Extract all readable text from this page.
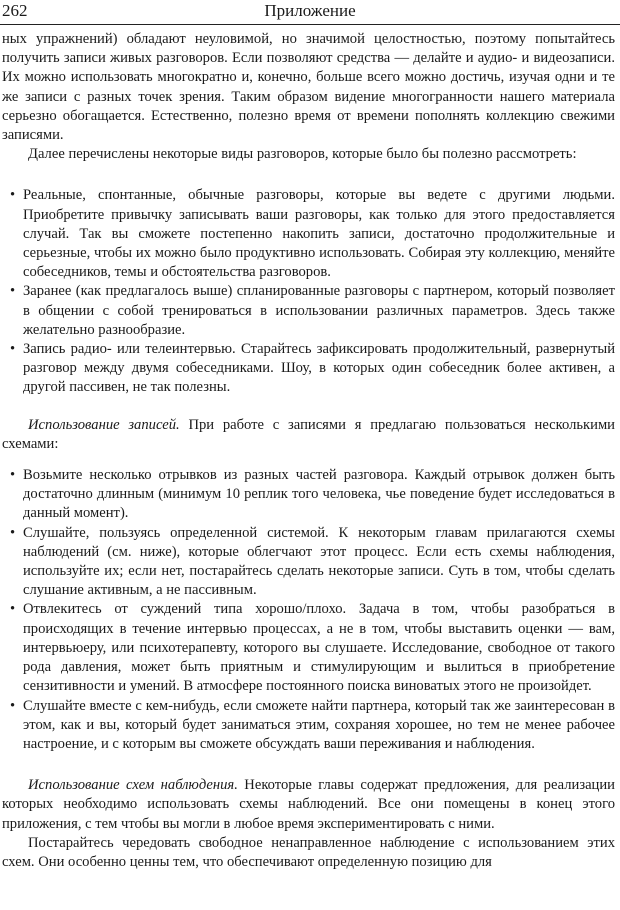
262	Приложение

ных упражнений) обладают неуловимой, но значимой целостностью, поэтому попытайтесь получить записи живых разговоров. Если позволяют средства — делайте и аудио- и видеозаписи. Их можно использовать многократно и, конечно, больше всего можно достичь, изучая одни и те же записи с разных точек зрения. Таким образом видение многогранности нашего материала серьезно обогащается. Естественно, полезно время от времени пополнять коллекцию свежими записями.

Далее перечислены некоторые виды разговоров, которые было бы полезно рассмотреть:

• Реальные, спонтанные, обычные разговоры, которые вы ведете с другими людьми. Приобретите привычку записывать ваши разговоры, как только для этого предоставляется случай. Так вы сможете постепенно накопить записи, достаточно продолжительные и серьезные, чтобы их можно было продуктивно использовать. Собирая эту коллекцию, меняйте собеседников, темы и обстоятельства разговоров.
• Заранее (как предлагалось выше) спланированные разговоры с партнером, который позволяет в общении с собой тренироваться в использовании различных параметров. Здесь также желательно разнообразие.
• Запись радио- или телеинтервью. Старайтесь зафиксировать продолжительный, развернутый разговор между двумя собеседниками. Шоу, в которых один собеседник более активен, а другой пассивен, не так полезны.

Использование записей. При работе с записями я предлагаю пользоваться несколькими схемами:

• Возьмите несколько отрывков из разных частей разговора. Каждый отрывок должен быть достаточно длинным (минимум 10 реплик того человека, чье поведение будет исследоваться в данный момент).
• Слушайте, пользуясь определенной системой. К некоторым главам прилагаются схемы наблюдений (см. ниже), которые облегчают этот процесс. Если есть схемы наблюдения, используйте их; если нет, постарайтесь сделать некоторые записи. Суть в том, чтобы сделать слушание активным, а не пассивным.
• Отвлекитесь от суждений типа хорошо/плохо. Задача в том, чтобы разобраться в происходящих в течение интервью процессах, а не в том, чтобы выставить оценки — вам, интервьюеру, или психотерапевту, которого вы слушаете. Исследование, свободное от такого рода давления, может быть приятным и стимулирующим и вылиться в приобретение сензитивности и умений. В атмосфере постоянного поиска виноватых этого не произойдет.
• Слушайте вместе с кем-нибудь, если сможете найти партнера, который так же заинтересован в этом, как и вы, который будет заниматься этим, сохраняя хорошее, но тем не менее рабочее настроение, и с которым вы сможете обсуждать ваши переживания и наблюдения.

Использование схем наблюдения. Некоторые главы содержат предложения, для реализации которых необходимо использовать схемы наблюдений. Все они помещены в конец этого приложения, с тем чтобы вы могли в любое время экспериментировать с ними.

Постарайтесь чередовать свободное ненаправленное наблюдение с использованием этих схем. Они особенно ценны тем, что обеспечивают определенную позицию для
